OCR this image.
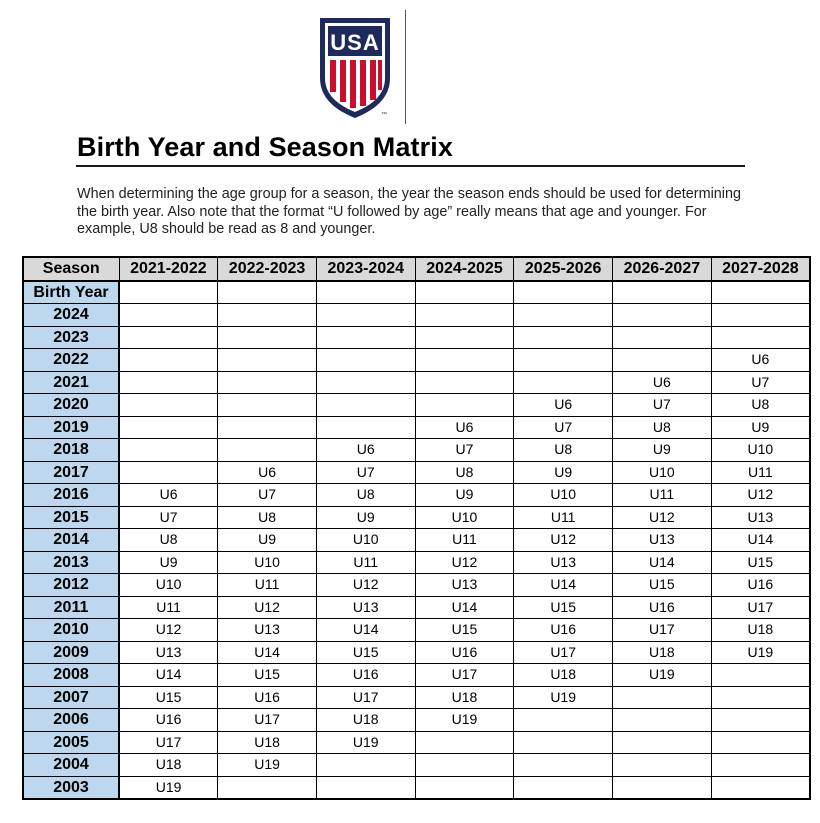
USA
™
Birth Year and Season Matrix

When determining the age group for a season, the year the season ends should be used for determining the birth year. Also note that the format “U followed by age” really means that age and younger. For example, U8 should be read as 8 and younger.

Season	2021-2022	2022-2023	2023-2024	2024-2025	2025-2026	2026-2027	2027-2028
Birth Year							
2024							
2023							
2022							U6
2021						U6	U7
2020					U6	U7	U8
2019				U6	U7	U8	U9
2018			U6	U7	U8	U9	U10
2017		U6	U7	U8	U9	U10	U11
2016	U6	U7	U8	U9	U10	U11	U12
2015	U7	U8	U9	U10	U11	U12	U13
2014	U8	U9	U10	U11	U12	U13	U14
2013	U9	U10	U11	U12	U13	U14	U15
2012	U10	U11	U12	U13	U14	U15	U16
2011	U11	U12	U13	U14	U15	U16	U17
2010	U12	U13	U14	U15	U16	U17	U18
2009	U13	U14	U15	U16	U17	U18	U19
2008	U14	U15	U16	U17	U18	U19	
2007	U15	U16	U17	U18	U19		
2006	U16	U17	U18	U19			
2005	U17	U18	U19				
2004	U18	U19					
2003	U19						
